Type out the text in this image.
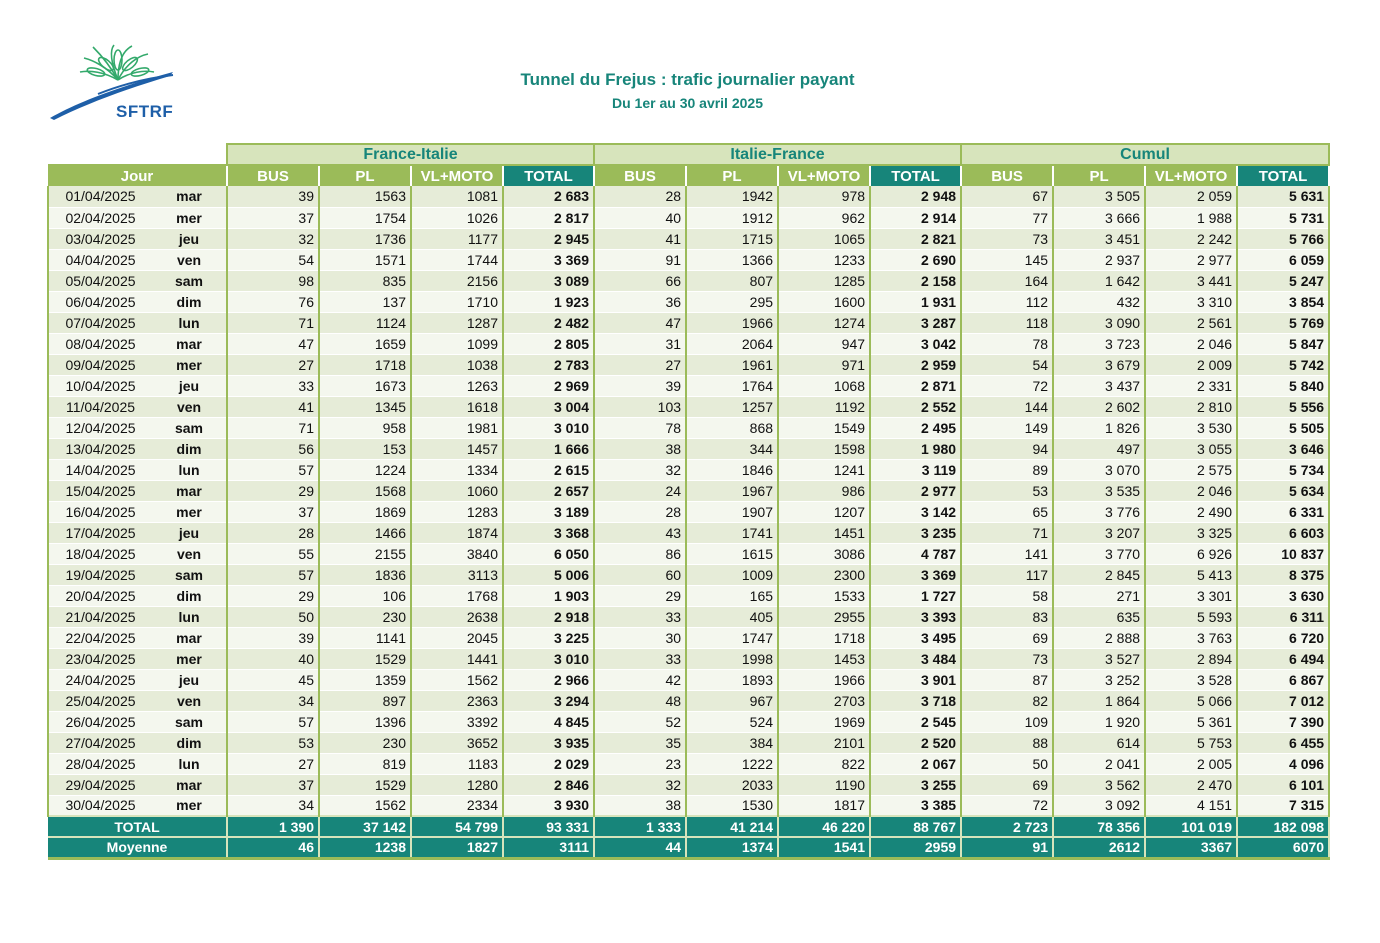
SFTRF
Tunnel du Frejus : trafic journalier payant
Du 1er au 30 avril 2025
		France-Italie				Italie-France				Cumul			
Jour		BUS	PL	VL+MOTO	TOTAL	BUS	PL	VL+MOTO	TOTAL	BUS	PL	VL+MOTO	TOTAL
01/04/2025	mar	39	1563	1081	2 683	28	1942	978	2 948	67	3 505	2 059	5 631
02/04/2025	mer	37	1754	1026	2 817	40	1912	962	2 914	77	3 666	1 988	5 731
03/04/2025	jeu	32	1736	1177	2 945	41	1715	1065	2 821	73	3 451	2 242	5 766
04/04/2025	ven	54	1571	1744	3 369	91	1366	1233	2 690	145	2 937	2 977	6 059
05/04/2025	sam	98	835	2156	3 089	66	807	1285	2 158	164	1 642	3 441	5 247
06/04/2025	dim	76	137	1710	1 923	36	295	1600	1 931	112	432	3 310	3 854
07/04/2025	lun	71	1124	1287	2 482	47	1966	1274	3 287	118	3 090	2 561	5 769
08/04/2025	mar	47	1659	1099	2 805	31	2064	947	3 042	78	3 723	2 046	5 847
09/04/2025	mer	27	1718	1038	2 783	27	1961	971	2 959	54	3 679	2 009	5 742
10/04/2025	jeu	33	1673	1263	2 969	39	1764	1068	2 871	72	3 437	2 331	5 840
11/04/2025	ven	41	1345	1618	3 004	103	1257	1192	2 552	144	2 602	2 810	5 556
12/04/2025	sam	71	958	1981	3 010	78	868	1549	2 495	149	1 826	3 530	5 505
13/04/2025	dim	56	153	1457	1 666	38	344	1598	1 980	94	497	3 055	3 646
14/04/2025	lun	57	1224	1334	2 615	32	1846	1241	3 119	89	3 070	2 575	5 734
15/04/2025	mar	29	1568	1060	2 657	24	1967	986	2 977	53	3 535	2 046	5 634
16/04/2025	mer	37	1869	1283	3 189	28	1907	1207	3 142	65	3 776	2 490	6 331
17/04/2025	jeu	28	1466	1874	3 368	43	1741	1451	3 235	71	3 207	3 325	6 603
18/04/2025	ven	55	2155	3840	6 050	86	1615	3086	4 787	141	3 770	6 926	10 837
19/04/2025	sam	57	1836	3113	5 006	60	1009	2300	3 369	117	2 845	5 413	8 375
20/04/2025	dim	29	106	1768	1 903	29	165	1533	1 727	58	271	3 301	3 630
21/04/2025	lun	50	230	2638	2 918	33	405	2955	3 393	83	635	5 593	6 311
22/04/2025	mar	39	1141	2045	3 225	30	1747	1718	3 495	69	2 888	3 763	6 720
23/04/2025	mer	40	1529	1441	3 010	33	1998	1453	3 484	73	3 527	2 894	6 494
24/04/2025	jeu	45	1359	1562	2 966	42	1893	1966	3 901	87	3 252	3 528	6 867
25/04/2025	ven	34	897	2363	3 294	48	967	2703	3 718	82	1 864	5 066	7 012
26/04/2025	sam	57	1396	3392	4 845	52	524	1969	2 545	109	1 920	5 361	7 390
27/04/2025	dim	53	230	3652	3 935	35	384	2101	2 520	88	614	5 753	6 455
28/04/2025	lun	27	819	1183	2 029	23	1222	822	2 067	50	2 041	2 005	4 096
29/04/2025	mar	37	1529	1280	2 846	32	2033	1190	3 255	69	3 562	2 470	6 101
30/04/2025	mer	34	1562	2334	3 930	38	1530	1817	3 385	72	3 092	4 151	7 315
TOTAL		1 390	37 142	54 799	93 331	1 333	41 214	46 220	88 767	2 723	78 356	101 019	182 098
Moyenne		46	1238	1827	3111	44	1374	1541	2959	91	2612	3367	6070
